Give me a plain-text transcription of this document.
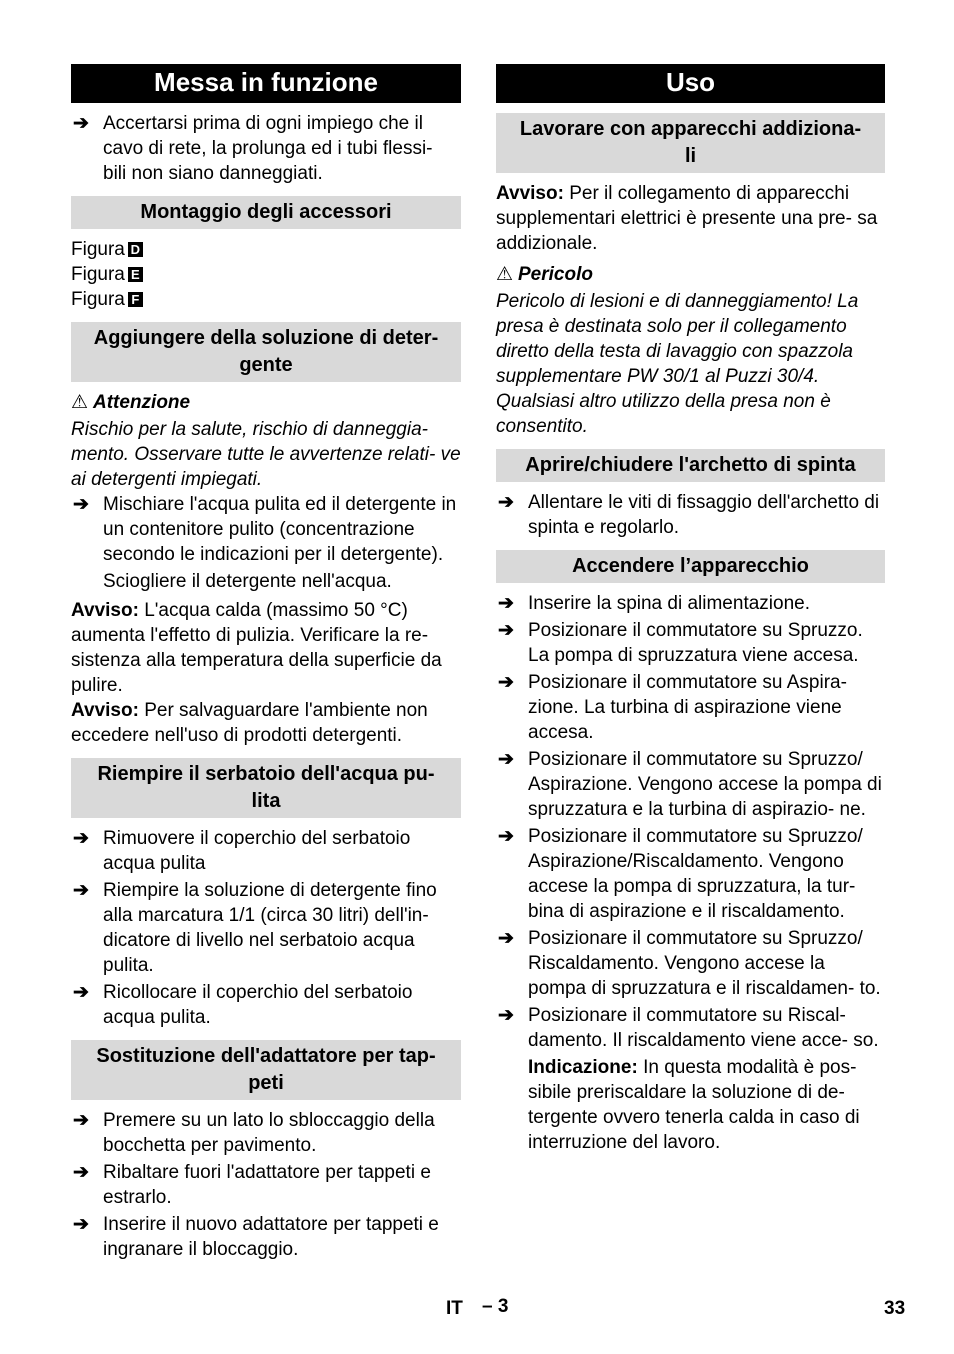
Messa in funzione
➔ Accertarsi prima di ogni impiego che il cavo di rete, la prolunga ed i tubi flessi- bili non siano danneggiati.
Montaggio degli accessori
Figura D
Figura E
Figura F
Aggiungere della soluzione di deter-
gente
⚠ Attenzione

Rischio per la salute, rischio di danneggia- mento. Osservare tutte le avvertenze relati- ve ai detergenti impiegati.

➔ Mischiare l'acqua pulita ed il detergente in un contenitore pulito (concentrazione secondo le indicazioni per il detergente).
Sciogliere il detergente nell'acqua.

Avviso: L'acqua calda (massimo 50 °C) aumenta l'effetto di pulizia. Verificare la re- sistenza alla temperatura della superficie da pulire.

Avviso: Per salvaguardare l'ambiente non eccedere nell'uso di prodotti detergenti.

Riempire il serbatoio dell'acqua pu-
lita
➔ Rimuovere il coperchio del serbatoio acqua pulita
➔ Riempire la soluzione di detergente fino alla marcatura 1/1 (circa 30 litri) dell'in- dicatore di livello nel serbatoio acqua pulita.
➔ Ricollocare il coperchio del serbatoio acqua pulita.
Sostituzione dell'adattatore per tap-
peti
➔ Premere su un lato lo sbloccaggio della bocchetta per pavimento.
➔ Ribaltare fuori l'adattatore per tappeti e estrarlo.
➔ Inserire il nuovo adattatore per tappeti e ingranare il bloccaggio.
Uso
Lavorare con apparecchi addiziona-
li

Avviso: Per il collegamento di apparecchi supplementari elettrici è presente una pre- sa addizionale.

⚠ Pericolo

Pericolo di lesioni e di danneggiamento! La presa è destinata solo per il collegamento diretto della testa di lavaggio con spazzola supplementare PW 30/1 al Puzzi 30/4. Qualsiasi altro utilizzo della presa non è consentito.

Aprire/chiudere l'archetto di spinta
➔ Allentare le viti di fissaggio dell'archetto di spinta e regolarlo.
Accendere l’apparecchio
➔ Inserire la spina di alimentazione.
➔ Posizionare il commutatore su Spruzzo. La pompa di spruzzatura viene accesa.
➔ Posizionare il commutatore su Aspira- zione. La turbina di aspirazione viene accesa.
➔ Posizionare il commutatore su Spruzzo/ Aspirazione. Vengono accese la pompa di spruzzatura e la turbina di aspirazio- ne.
➔ Posizionare il commutatore su Spruzzo/ Aspirazione/Riscaldamento. Vengono accese la pompa di spruzzatura, la tur- bina di aspirazione e il riscaldamento.
➔ Posizionare il commutatore su Spruzzo/ Riscaldamento. Vengono accese la pompa di spruzzatura e il riscaldamen- to.
➔ Posizionare il commutatore su Riscal- damento. Il riscaldamento viene acce- so.
Indicazione: In questa modalità è pos- sibile preriscaldare la soluzione di de- tergente ovvero tenerla calda in caso di interruzione del lavoro.
IT – 3	33
